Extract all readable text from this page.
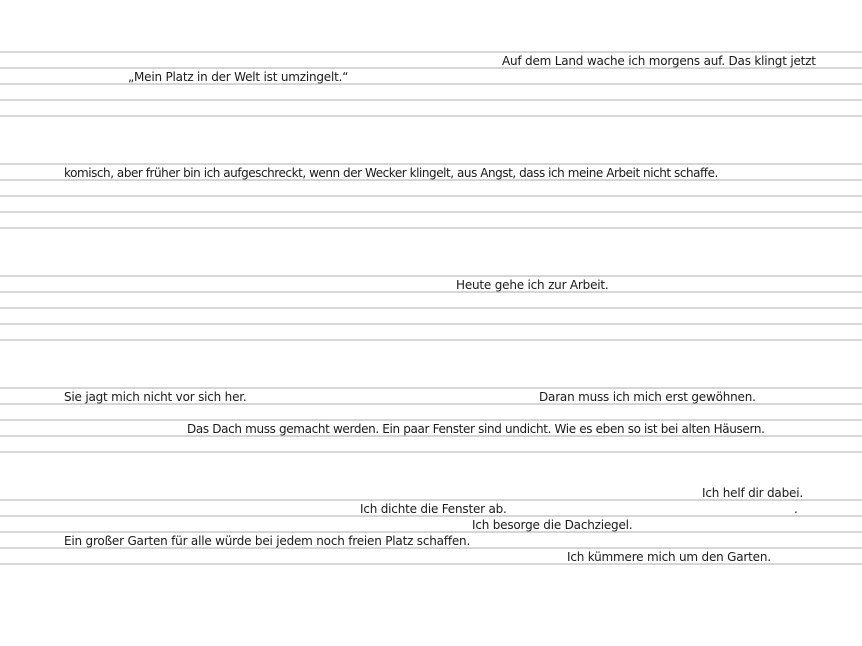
Auf dem Land wache ich morgens auf. Das klingt jetzt
„Mein Platz in der Welt ist umzingelt.“
komisch, aber früher bin ich aufgeschreckt, wenn der Wecker klingelt, aus Angst, dass ich meine Arbeit nicht schaffe.
Heute gehe ich zur Arbeit.
Sie jagt mich nicht vor sich her.	Daran muss ich mich erst gewöhnen.
Das Dach muss gemacht werden. Ein paar Fenster sind undicht. Wie es eben so ist bei alten Häusern.
Ich helf dir dabei.
Ich dichte die Fenster ab.	.
Ich besorge die Dachziegel.
Ein großer Garten für alle würde bei jedem noch freien Platz schaffen.
Ich kümmere mich um den Garten.
